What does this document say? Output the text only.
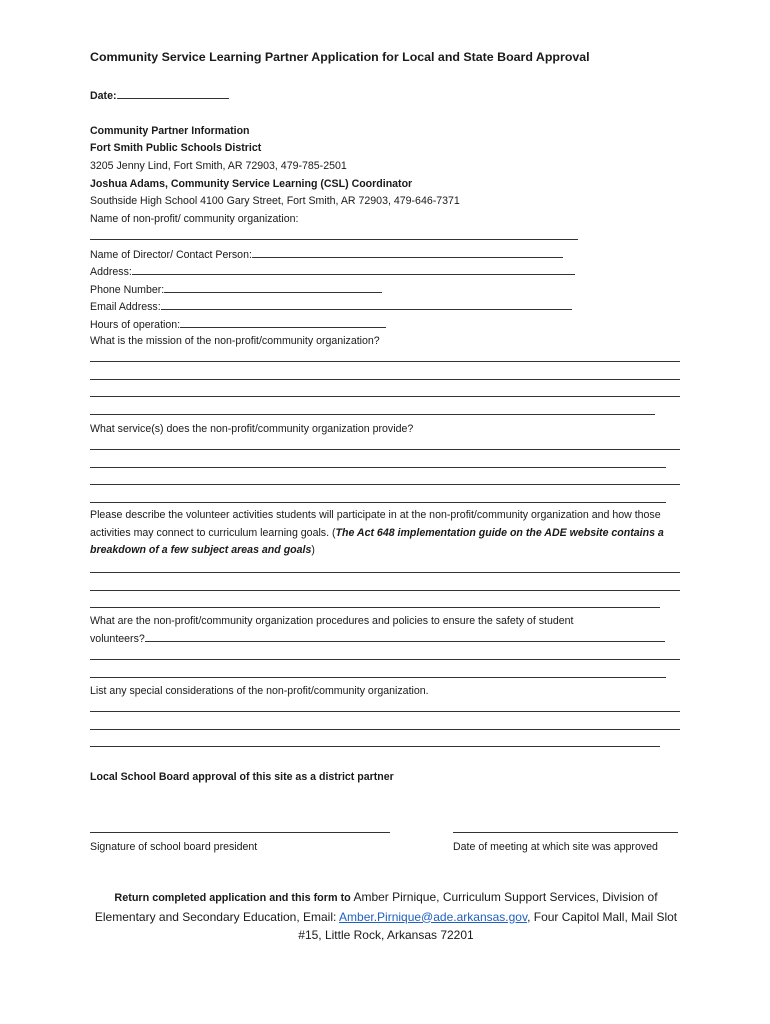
Community Service Learning Partner Application for Local and State Board Approval
Date:
Community Partner Information
Fort Smith Public Schools District
3205 Jenny Lind, Fort Smith, AR 72903, 479-785-2501
Joshua Adams, Community Service Learning (CSL) Coordinator
Southside High School 4100 Gary Street, Fort Smith, AR 72903, 479-646-7371
Name of non-profit/ community organization:
Name of Director/ Contact Person:
Address:
Phone Number:
Email Address:
Hours of operation:
What is the mission of the non-profit/community organization?
What service(s) does the non-profit/community organization provide?
Please describe the volunteer activities students will participate in at the non-profit/community organization and how those activities may connect to curriculum learning goals. (The Act 648 implementation guide on the ADE website contains a breakdown of a few subject areas and goals)
What are the non-profit/community organization procedures and policies to ensure the safety of student
volunteers?
List any special considerations of the non-profit/community organization.
Local School Board approval of this site as a district partner
Signature of school board president	Date of meeting at which site was approved
Return completed application and this form to Amber Pirnique, Curriculum Support Services, Division of Elementary and Secondary Education, Email: Amber.Pirnique@ade.arkansas.gov, Four Capitol Mall, Mail Slot #15, Little Rock, Arkansas 72201
